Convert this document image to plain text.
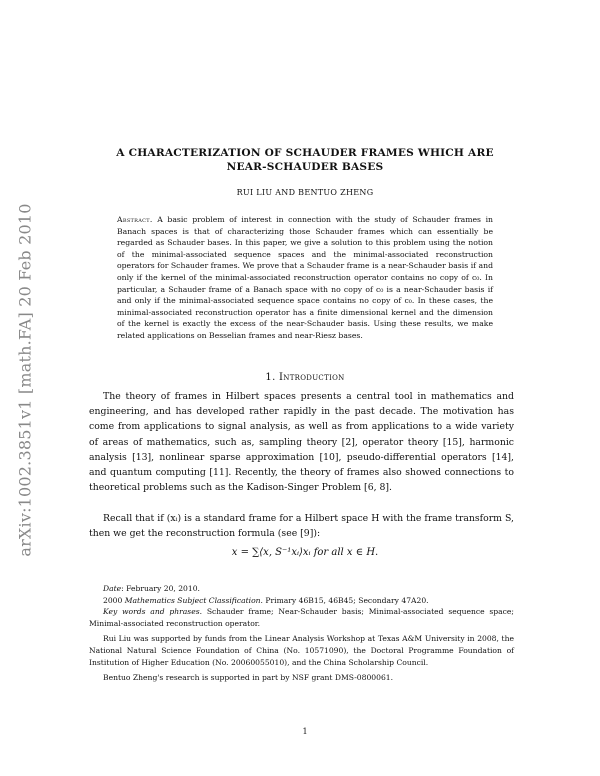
arXiv:1002.3851v1 [math.FA] 20 Feb 2010
A CHARACTERIZATION OF SCHAUDER FRAMES WHICH ARE
NEAR-SCHAUDER BASES
RUI LIU AND BENTUO ZHENG

Abstract. A basic problem of interest in connection with the study of Schauder frames in Banach spaces is that of characterizing those Schauder frames which can essentially be regarded as Schauder bases. In this paper, we give a solution to this problem using the notion of the minimal-associated sequence spaces and the minimal-associated reconstruction operators for Schauder frames. We prove that a Schauder frame is a near-Schauder basis if and only if the kernel of the minimal-associated reconstruction operator contains no copy of c₀. In particular, a Schauder frame of a Banach space with no copy of c₀ is a near-Schauder basis if and only if the minimal-associated sequence space contains no copy of c₀. In these cases, the minimal-associated reconstruction operator has a finite dimensional kernel and the dimension of the kernel is exactly the excess of the near-Schauder basis. Using these results, we make related applications on Besselian frames and near-Riesz bases.

1. Introduction

The theory of frames in Hilbert spaces presents a central tool in mathematics and engineering, and has developed rather rapidly in the past decade. The motivation has come from applications to signal analysis, as well as from applications to a wide variety of areas of mathematics, such as, sampling theory [2], operator theory [15], harmonic analysis [13], nonlinear sparse approximation [10], pseudo-differential operators [14], and quantum computing [11]. Recently, the theory of frames also showed connections to theoretical problems such as the Kadison-Singer Problem [6, 8].

Recall that if (xᵢ) is a standard frame for a Hilbert space H with the frame transform S, then we get the reconstruction formula (see [9]):

x = ∑⟨x, S⁻¹xᵢ⟩xᵢ for all x ∈ H.

Date: February 20, 2010.

2000 Mathematics Subject Classification. Primary 46B15, 46B45; Secondary 47A20.

Key words and phrases. Schauder frame; Near-Schauder basis; Minimal-associated sequence space; Minimal-associated reconstruction operator.

Rui Liu was supported by funds from the Linear Analysis Workshop at Texas A&M University in 2008, the National Natural Science Foundation of China (No. 10571090), the Doctoral Programme Foundation of Institution of Higher Education (No. 20060055010), and the China Scholarship Council.

Bentuo Zheng's research is supported in part by NSF grant DMS-0800061.

1
